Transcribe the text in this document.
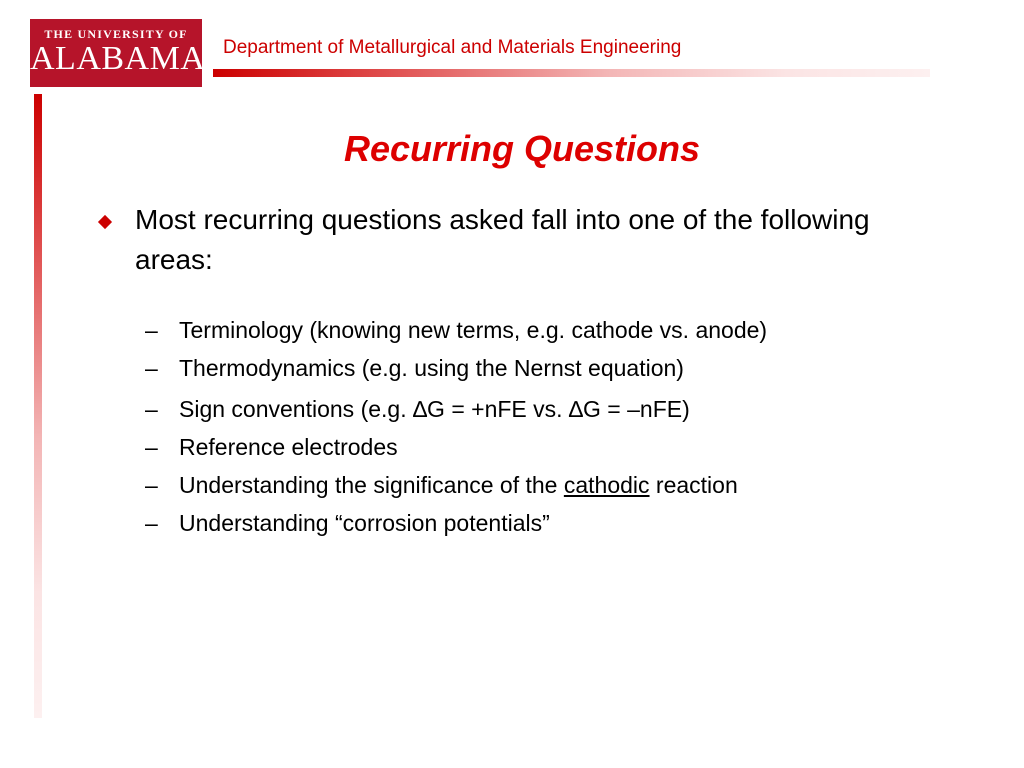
THE UNIVERSITY OF
ALABAMA Department of Metallurgical and Materials Engineering
Recurring Questions
Most recurring questions asked fall into one of the following areas:
– Terminology (knowing new terms, e.g. cathode vs. anode)
– Thermodynamics (e.g. using the Nernst equation)
– Sign conventions (e.g. ∆G = +nFE vs. ∆G = –nFE)
– Reference electrodes
– Understanding the significance of the cathodic reaction
– Understanding “corrosion potentials”
